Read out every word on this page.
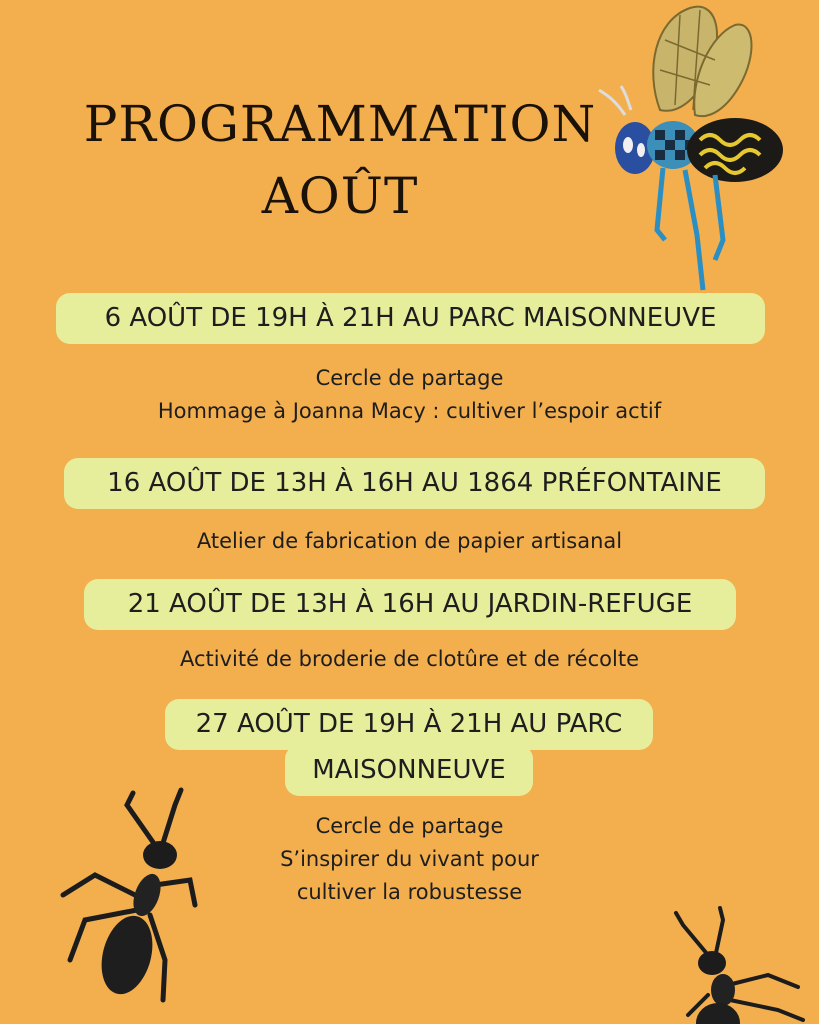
PROGRAMMATION
AOÛT
6 AOÛT DE 19H À 21H AU PARC MAISONNEUVE
Cercle de partage
Hommage à Joanna Macy : cultiver l’espoir actif
16 AOÛT DE 13H À 16H AU 1864 PRÉFONTAINE
Atelier de fabrication de papier artisanal
21 AOÛT DE 13H À 16H AU JARDIN-REFUGE
Activité de broderie de clotûre et de récolte
27 AOÛT DE 19H À 21H AU PARC
MAISONNEUVE
Cercle de partage
S’inspirer du vivant pour
cultiver la robustesse
